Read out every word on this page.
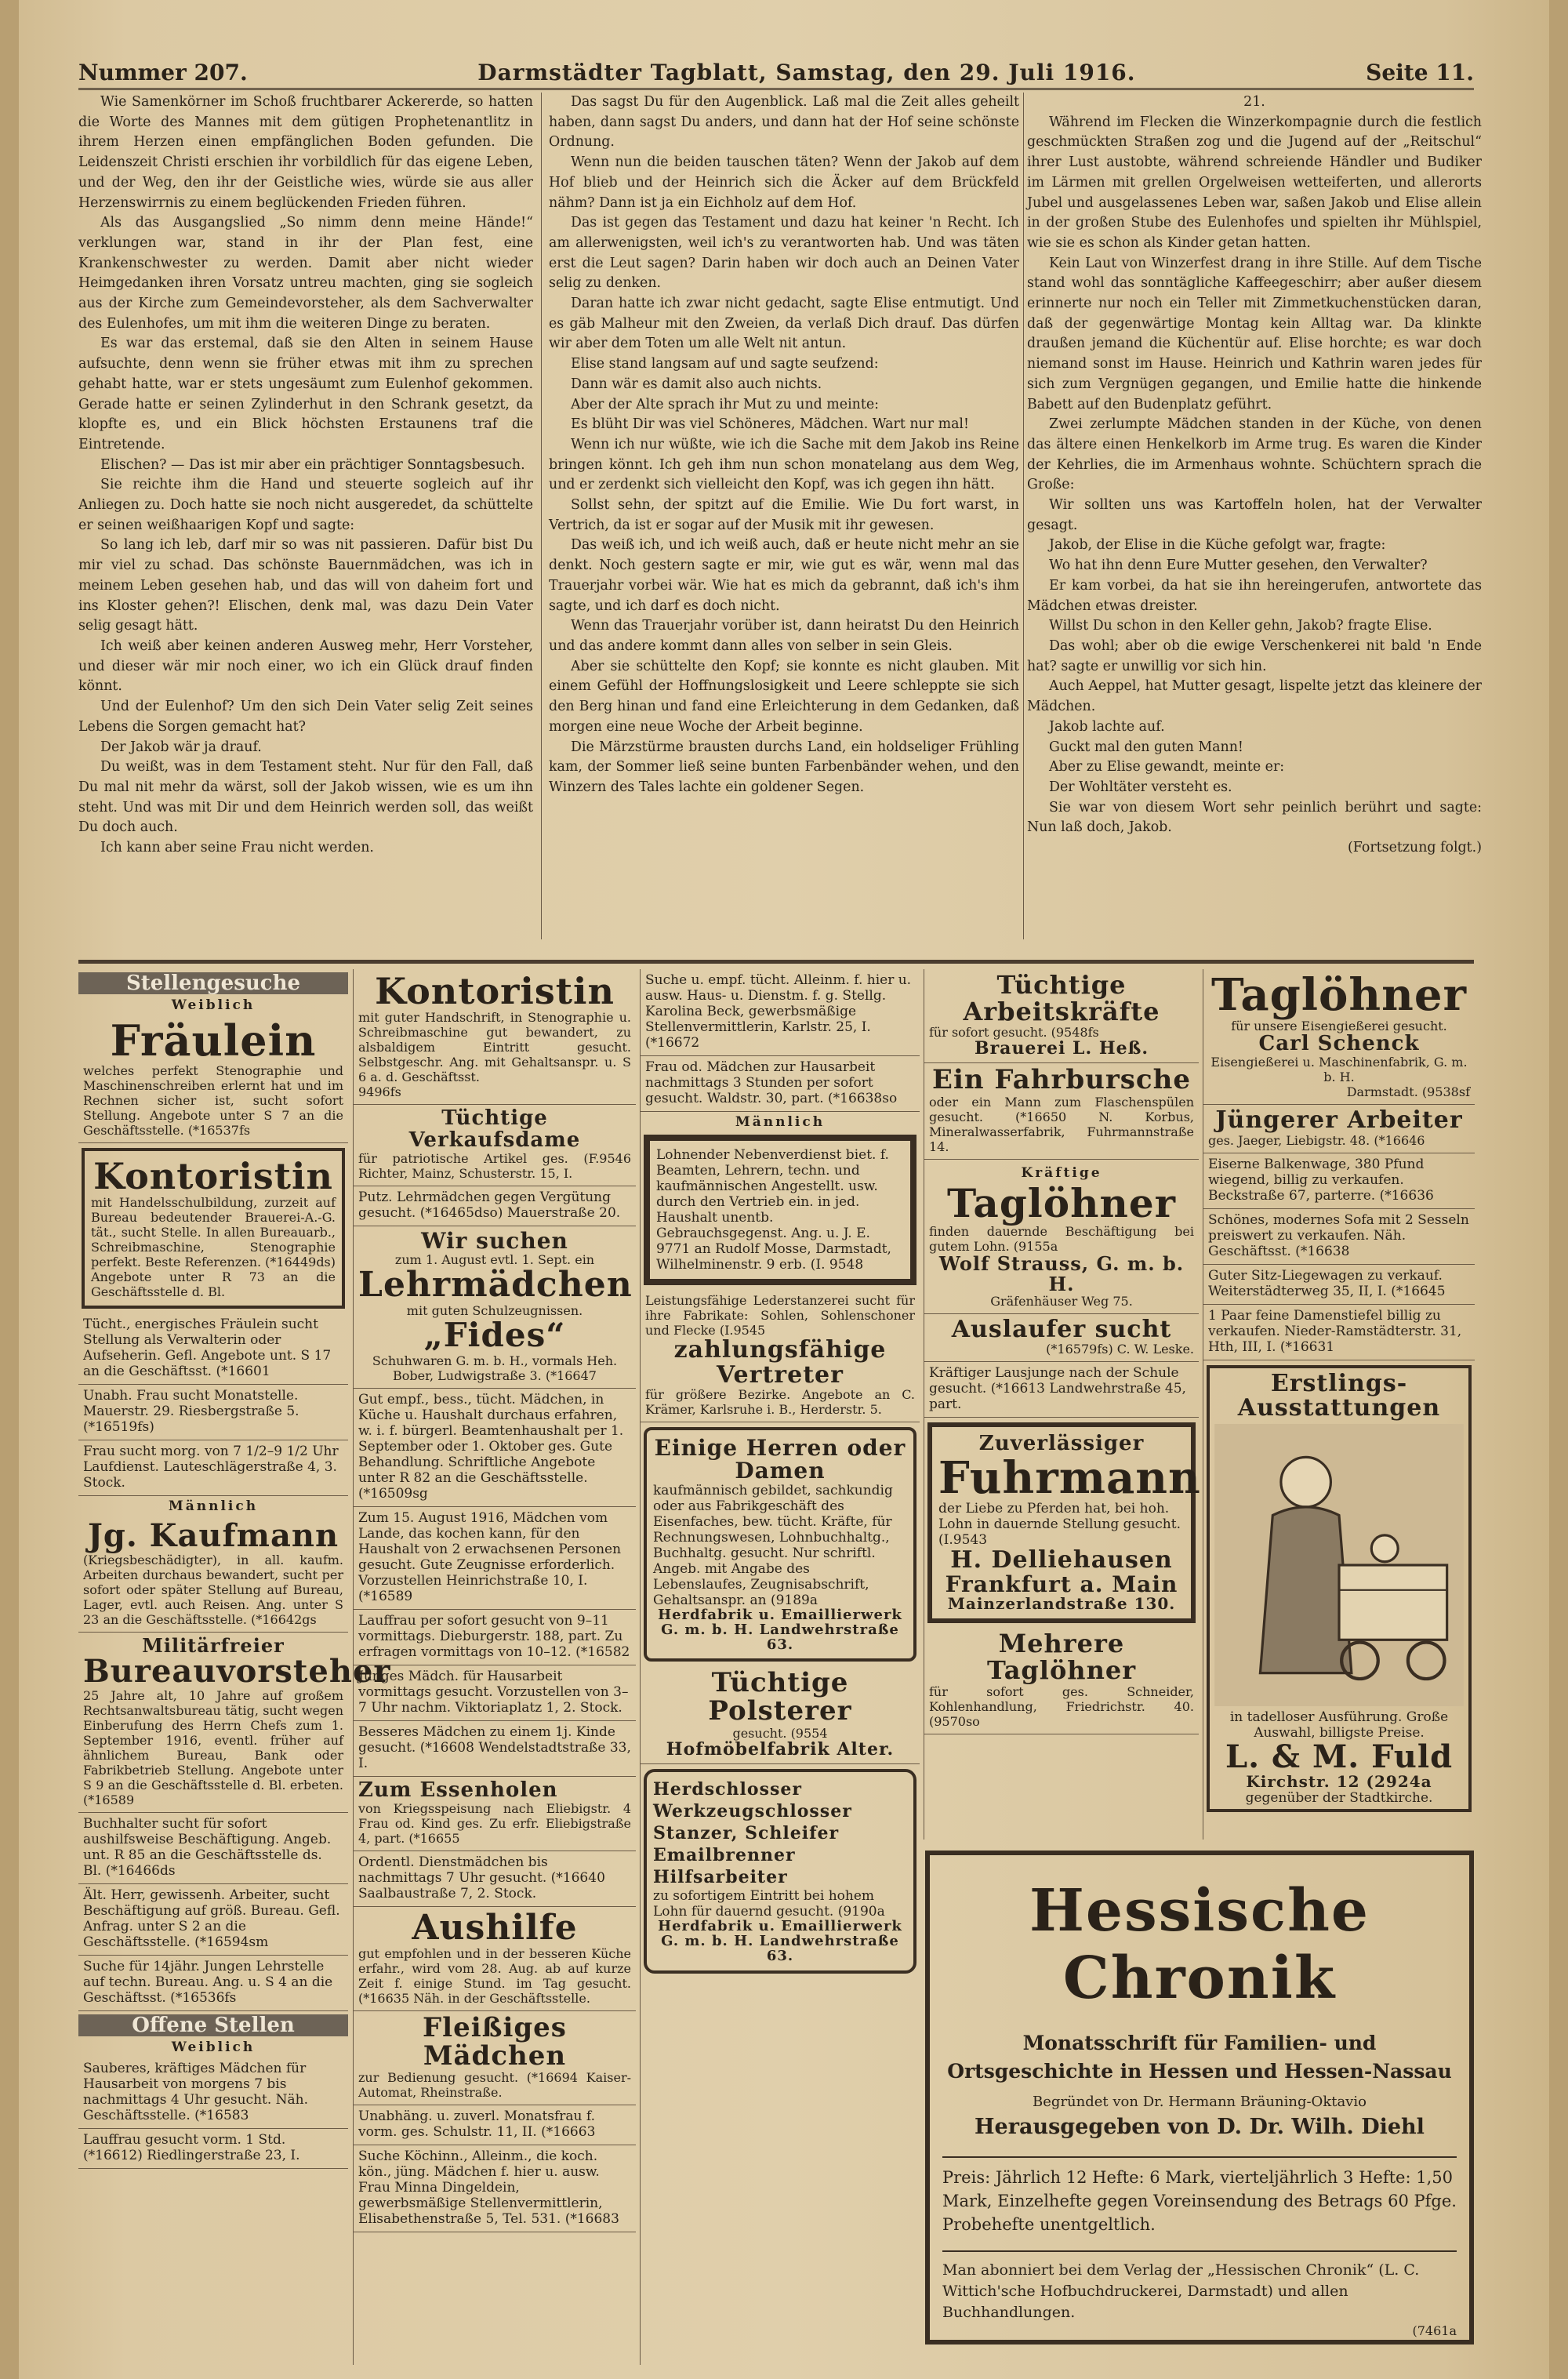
Nummer 207.	Darmstädter Tagblatt, Samstag, den 29. Juli 1916.	Seite 11.

Wie Samenkörner im Schoß fruchtbarer Ackererde, so hatten die Worte des Mannes mit dem gütigen Prophetenantlitz in ihrem Herzen einen empfänglichen Boden gefunden. Die Leidenszeit Christi erschien ihr vorbildlich für das eigene Leben, und der Weg, den ihr der Geistliche wies, würde sie aus aller Herzenswirrnis zu einem beglückenden Frieden führen.

Als das Ausgangslied „So nimm denn meine Hände!“ verklungen war, stand in ihr der Plan fest, eine Krankenschwester zu werden. Damit aber nicht wieder Heimgedanken ihren Vorsatz untreu machten, ging sie sogleich aus der Kirche zum Gemeindevorsteher, als dem Sachverwalter des Eulenhofes, um mit ihm die weiteren Dinge zu beraten.

Es war das erstemal, daß sie den Alten in seinem Hause aufsuchte, denn wenn sie früher etwas mit ihm zu sprechen gehabt hatte, war er stets ungesäumt zum Eulenhof gekommen. Gerade hatte er seinen Zylinderhut in den Schrank gesetzt, da klopfte es, und ein Blick höchsten Erstaunens traf die Eintretende.

Elischen? — Das ist mir aber ein prächtiger Sonntagsbesuch.

Sie reichte ihm die Hand und steuerte sogleich auf ihr Anliegen zu. Doch hatte sie noch nicht ausgeredet, da schüttelte er seinen weißhaarigen Kopf und sagte:

So lang ich leb, darf mir so was nit passieren. Dafür bist Du mir viel zu schad. Das schönste Bauernmädchen, was ich in meinem Leben gesehen hab, und das will von daheim fort und ins Kloster gehen?! Elischen, denk mal, was dazu Dein Vater selig gesagt hätt.

Ich weiß aber keinen anderen Ausweg mehr, Herr Vorsteher, und dieser wär mir noch einer, wo ich ein Glück drauf finden könnt.

Und der Eulenhof? Um den sich Dein Vater selig Zeit seines Lebens die Sorgen gemacht hat?

Der Jakob wär ja drauf.

Du weißt, was in dem Testament steht. Nur für den Fall, daß Du mal nit mehr da wärst, soll der Jakob wissen, wie es um ihn steht. Und was mit Dir und dem Heinrich werden soll, das weißt Du doch auch.

Ich kann aber seine Frau nicht werden.

Das sagst Du für den Augenblick. Laß mal die Zeit alles geheilt haben, dann sagst Du anders, und dann hat der Hof seine schönste Ordnung.

Wenn nun die beiden tauschen täten? Wenn der Jakob auf dem Hof blieb und der Heinrich sich die Äcker auf dem Brückfeld nähm? Dann ist ja ein Eichholz auf dem Hof.

Das ist gegen das Testament und dazu hat keiner 'n Recht. Ich am allerwenigsten, weil ich's zu verantworten hab. Und was täten erst die Leut sagen? Darin haben wir doch auch an Deinen Vater selig zu denken.

Daran hatte ich zwar nicht gedacht, sagte Elise entmutigt. Und es gäb Malheur mit den Zweien, da verlaß Dich drauf. Das dürfen wir aber dem Toten um alle Welt nit antun.

Elise stand langsam auf und sagte seufzend:

Dann wär es damit also auch nichts.

Aber der Alte sprach ihr Mut zu und meinte:

Es blüht Dir was viel Schöneres, Mädchen. Wart nur mal!

Wenn ich nur wüßte, wie ich die Sache mit dem Jakob ins Reine bringen könnt. Ich geh ihm nun schon monatelang aus dem Weg, und er zerdenkt sich vielleicht den Kopf, was ich gegen ihn hätt.

Sollst sehn, der spitzt auf die Emilie. Wie Du fort warst, in Vertrich, da ist er sogar auf der Musik mit ihr gewesen.

Das weiß ich, und ich weiß auch, daß er heute nicht mehr an sie denkt. Noch gestern sagte er mir, wie gut es wär, wenn mal das Trauerjahr vorbei wär. Wie hat es mich da gebrannt, daß ich's ihm sagte, und ich darf es doch nicht.

Wenn das Trauerjahr vorüber ist, dann heiratst Du den Heinrich und das andere kommt dann alles von selber in sein Gleis.

Aber sie schüttelte den Kopf; sie konnte es nicht glauben. Mit einem Gefühl der Hoffnungslosigkeit und Leere schleppte sie sich den Berg hinan und fand eine Erleichterung in dem Gedanken, daß morgen eine neue Woche der Arbeit beginne.

Die Märzstürme brausten durchs Land, ein holdseliger Frühling kam, der Sommer ließ seine bunten Farbenbänder wehen, und den Winzern des Tales lachte ein goldener Segen.

21.

Während im Flecken die Winzerkompagnie durch die festlich geschmückten Straßen zog und die Jugend auf der „Reitschul“ ihrer Lust austobte, während schreiende Händler und Budiker im Lärmen mit grellen Orgelweisen wetteiferten, und allerorts Jubel und ausgelassenes Leben war, saßen Jakob und Elise allein in der großen Stube des Eulenhofes und spielten ihr Mühlspiel, wie sie es schon als Kinder getan hatten.

Kein Laut von Winzerfest drang in ihre Stille. Auf dem Tische stand wohl das sonntägliche Kaffeegeschirr; aber außer diesem erinnerte nur noch ein Teller mit Zimmetkuchenstücken daran, daß der gegenwärtige Montag kein Alltag war. Da klinkte draußen jemand die Küchentür auf. Elise horchte; es war doch niemand sonst im Hause. Heinrich und Kathrin waren jedes für sich zum Vergnügen gegangen, und Emilie hatte die hinkende Babett auf den Budenplatz geführt.

Zwei zerlumpte Mädchen standen in der Küche, von denen das ältere einen Henkelkorb im Arme trug. Es waren die Kinder der Kehrlies, die im Armenhaus wohnte. Schüchtern sprach die Große:

Wir sollten uns was Kartoffeln holen, hat der Verwalter gesagt.

Jakob, der Elise in die Küche gefolgt war, fragte:

Wo hat ihn denn Eure Mutter gesehen, den Verwalter?

Er kam vorbei, da hat sie ihn hereingerufen, antwortete das Mädchen etwas dreister.

Willst Du schon in den Keller gehn, Jakob? fragte Elise.

Das wohl; aber ob die ewige Verschenkerei nit bald 'n Ende hat? sagte er unwillig vor sich hin.

Auch Aeppel, hat Mutter gesagt, lispelte jetzt das kleinere der Mädchen.

Jakob lachte auf.

Guckt mal den guten Mann!

Aber zu Elise gewandt, meinte er:

Der Wohltäter versteht es.

Sie war von diesem Wort sehr peinlich berührt und sagte: Nun laß doch, Jakob.

(Fortsetzung folgt.)

Stellengesuche
Weiblich
Fräulein
welches perfekt Stenographie und Maschinenschreiben erlernt hat und im Rechnen sicher ist, sucht sofort Stellung. Angebote unter S 7 an die Geschäftsstelle. (*16537fs
Kontoristin
mit Handelsschulbildung, zurzeit auf Bureau bedeutender Brauerei-A.-G. tät., sucht Stelle. In allen Bureauarb., Schreibmaschine, Stenographie perfekt. Beste Referenzen. (*16449ds) Angebote unter R 73 an die Geschäftsstelle d. Bl.
Tücht., energisches Fräulein sucht Stellung als Verwalterin oder Aufseherin. Gefl. Angebote unt. S 17 an die Geschäftsst. (*16601
Unabh. Frau sucht Monatstelle. Mauerstr. 29. Riesbergstraße 5. (*16519fs)
Frau sucht morg. von 7 1/2–9 1/2 Uhr Laufdienst. Lauteschlägerstraße 4, 3. Stock.
Männlich
Jg. Kaufmann
(Kriegsbeschädigter), in all. kaufm. Arbeiten durchaus bewandert, sucht per sofort oder später Stellung auf Bureau, Lager, evtl. auch Reisen. Ang. unter S 23 an die Geschäftsstelle. (*16642gs
Militärfreier
Bureauvorsteher
25 Jahre alt, 10 Jahre auf großem Rechtsanwaltsbureau tätig, sucht wegen Einberufung des Herrn Chefs zum 1. September 1916, eventl. früher auf ähnlichem Bureau, Bank oder Fabrikbetrieb Stellung. Angebote unter S 9 an die Geschäftsstelle d. Bl. erbeten. (*16589
Buchhalter sucht für sofort aushilfsweise Beschäftigung. Angeb. unt. R 85 an die Geschäftsstelle ds. Bl. (*16466ds
Ält. Herr, gewissenh. Arbeiter, sucht Beschäftigung auf größ. Bureau. Gefl. Anfrag. unter S 2 an die Geschäftsstelle. (*16594sm
Suche für 14jähr. Jungen Lehrstelle auf techn. Bureau. Ang. u. S 4 an die Geschäftsst. (*16536fs
Offene Stellen
Weiblich
Sauberes, kräftiges Mädchen für Hausarbeit von morgens 7 bis nachmittags 4 Uhr gesucht. Näh. Geschäftsstelle. (*16583
Lauffrau gesucht vorm. 1 Std. (*16612) Riedlingerstraße 23, I.
Kontoristin
mit guter Handschrift, in Stenographie u. Schreibmaschine gut bewandert, zu alsbaldigem Eintritt gesucht. Selbstgeschr. Ang. mit Gehaltsanspr. u. S 6 a. d. Geschäftsst.
9496fs
Tüchtige Verkaufsdame
für patriotische Artikel ges. (F.9546 Richter, Mainz, Schusterstr. 15, I.
Putz. Lehrmädchen gegen Vergütung gesucht. (*16465dso) Mauerstraße 20.
Wir suchen
zum 1. August evtl. 1. Sept. ein
Lehrmädchen
mit guten Schulzeugnissen.
„Fides“
Schuhwaren G. m. b. H., vormals Heh. Bober, Ludwigstraße 3. (*16647
Gut empf., bess., tücht. Mädchen, in Küche u. Haushalt durchaus erfahren, w. i. f. bürgerl. Beamtenhaushalt per 1. September oder 1. Oktober ges. Gute Behandlung. Schriftliche Angebote unter R 82 an die Geschäftsstelle. (*16509sg
Zum 15. August 1916, Mädchen vom Lande, das kochen kann, für den Haushalt von 2 erwachsenen Personen gesucht. Gute Zeugnisse erforderlich. Vorzustellen Heinrichstraße 10, I. (*16589
Lauffrau per sofort gesucht von 9–11 vormittags. Dieburgerstr. 188, part. Zu erfragen vormittags von 10–12. (*16582
Junges Mädch. für Hausarbeit vormittags gesucht. Vorzustellen von 3–7 Uhr nachm. Viktoriaplatz 1, 2. Stock.
Besseres Mädchen zu einem 1j. Kinde gesucht. (*16608 Wendelstadtstraße 33, I.
Zum Essenholen
von Kriegsspeisung nach Eliebigstr. 4 Frau od. Kind ges. Zu erfr. Eliebigstraße 4, part. (*16655
Ordentl. Dienstmädchen bis nachmittags 7 Uhr gesucht. (*16640 Saalbaustraße 7, 2. Stock.
Aushilfe
gut empfohlen und in der besseren Küche erfahr., wird vom 28. Aug. ab auf kurze Zeit f. einige Stund. im Tag gesucht. (*16635 Näh. in der Geschäftsstelle.
Fleißiges Mädchen
zur Bedienung gesucht. (*16694 Kaiser-Automat, Rheinstraße.
Unabhäng. u. zuverl. Monatsfrau f. vorm. ges. Schulstr. 11, II. (*16663
Suche Köchinn., Alleinm., die koch. kön., jüng. Mädchen f. hier u. ausw. Frau Minna Dingeldein, gewerbsmäßige Stellenvermittlerin, Elisabethenstraße 5, Tel. 531. (*16683
Suche u. empf. tücht. Alleinm. f. hier u. ausw. Haus- u. Dienstm. f. g. Stellg. Karolina Beck, gewerbsmäßige Stellenvermittlerin, Karlstr. 25, I. (*16672
Frau od. Mädchen zur Hausarbeit nachmittags 3 Stunden per sofort gesucht. Waldstr. 30, part. (*16638so
Männlich
Lohnender Nebenverdienst biet. f. Beamten, Lehrern, techn. und kaufmännischen Angestellt. usw. durch den Vertrieb ein. in jed. Haushalt unentb. Gebrauchsgegenst. Ang. u. J. E. 9771 an Rudolf Mosse, Darmstadt, Wilhelminenstr. 9 erb. (I. 9548
Leistungsfähige Lederstanzerei sucht für ihre Fabrikate: Sohlen, Sohlenschoner und Flecke (I.9545
zahlungsfähige Vertreter
für größere Bezirke. Angebote an C. Krämer, Karlsruhe i. B., Herderstr. 5.
Einige Herren oder Damen
kaufmännisch gebildet, sachkundig oder aus Fabrikgeschäft des Eisenfaches, bew. tücht. Kräfte, für Rechnungswesen, Lohnbuchhaltg., Buchhaltg. gesucht. Nur schriftl. Angeb. mit Angabe des Lebenslaufes, Zeugnisabschrift, Gehaltsanspr. an (9189a
Herdfabrik u. Emaillierwerk G. m. b. H. Landwehrstraße 63.
Tüchtige Polsterer
gesucht. (9554
Hofmöbelfabrik Alter.
Herdschlosser Werkzeugschlosser Stanzer, Schleifer Emailbrenner Hilfsarbeiter
zu sofortigem Eintritt bei hohem Lohn für dauernd gesucht. (9190a
Herdfabrik u. Emaillierwerk G. m. b. H. Landwehrstraße 63.
Tüchtige Arbeitskräfte
für sofort gesucht. (9548fs
Brauerei L. Heß.
Ein Fahrbursche
oder ein Mann zum Flaschenspülen gesucht. (*16650 N. Korbus, Mineralwasserfabrik, Fuhrmannstraße 14.
Kräftige
Taglöhner
finden dauernde Beschäftigung bei gutem Lohn. (9155a
Wolf Strauss, G. m. b. H.
Gräfenhäuser Weg 75.
Auslaufer sucht
(*16579fs) C. W. Leske.
Kräftiger Lausjunge nach der Schule gesucht. (*16613 Landwehrstraße 45, part.
Zuverlässiger
Fuhrmann
der Liebe zu Pferden hat, bei hoh. Lohn in dauernde Stellung gesucht. (I.9543
H. Delliehausen
Frankfurt a. Main
Mainzerlandstraße 130.
Mehrere Taglöhner
für sofort ges. Schneider, Kohlenhandlung, Friedrichstr. 40. (9570so
Taglöhner
für unsere Eisengießerei gesucht.
Carl Schenck
Eisengießerei u. Maschinenfabrik, G. m. b. H.
Darmstadt. (9538sf
Jüngerer Arbeiter
ges. Jaeger, Liebigstr. 48. (*16646
Eiserne Balkenwage, 380 Pfund wiegend, billig zu verkaufen. Beckstraße 67, parterre. (*16636
Schönes, modernes Sofa mit 2 Sesseln preiswert zu verkaufen. Näh. Geschäftsst. (*16638
Guter Sitz-Liegewagen zu verkauf. Weiterstädterweg 35, II, I. (*16645
1 Paar feine Damenstiefel billig zu verkaufen. Nieder-Ramstädterstr. 31, Hth, III, I. (*16631
Erstlings-Ausstattungen
in tadelloser Ausführung. Große Auswahl, billigste Preise.
L. & M. Fuld
Kirchstr. 12 (2924a
gegenüber der Stadtkirche.
Hessische Chronik
Monatsschrift für Familien- und Ortsgeschichte in Hessen und Hessen-Nassau
Begründet von Dr. Hermann Bräuning-Oktavio
Herausgegeben von D. Dr. Wilh. Diehl
Preis: Jährlich 12 Hefte: 6 Mark, vierteljährlich 3 Hefte: 1,50 Mark, Einzelhefte gegen Voreinsendung des Betrags 60 Pfge. Probehefte unentgeltlich.
Man abonniert bei dem Verlag der „Hessischen Chronik“ (L. C. Wittich'sche Hofbuchdruckerei, Darmstadt) und allen Buchhandlungen.
(7461a
